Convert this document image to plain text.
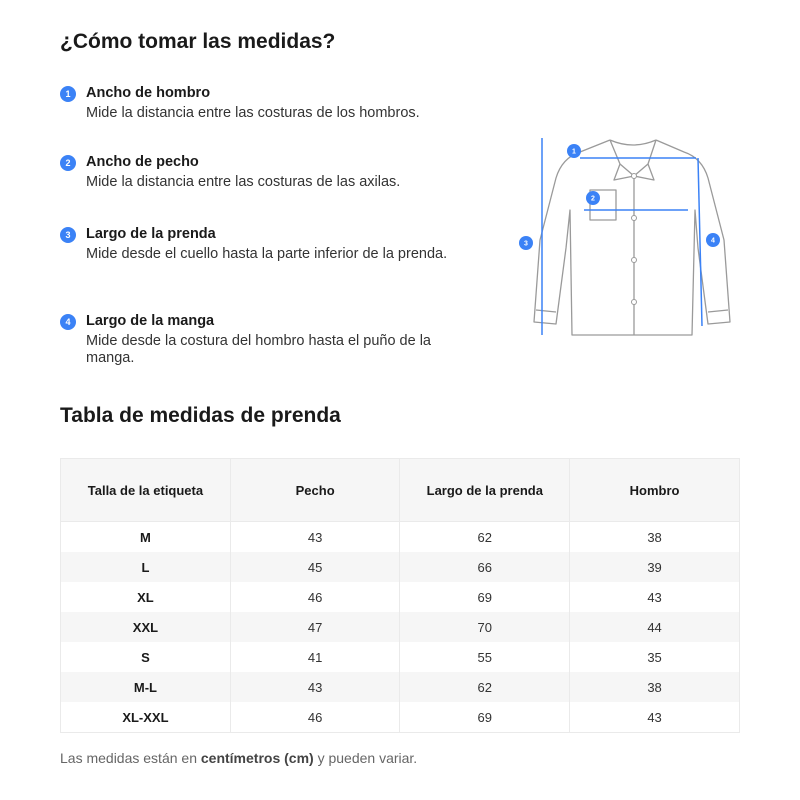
¿Cómo tomar las medidas?
1	Ancho de hombro
Mide la distancia entre las costuras de los hombros.
2	Ancho de pecho
Mide la distancia entre las costuras de las axilas.
3	Largo de la prenda
Mide desde el cuello hasta la parte inferior de la prenda.
4	Largo de la manga
Mide desde la costura del hombro hasta el puño de la manga.
1
2
3	4
Tabla de medidas de prenda
Talla de la etiqueta	Pecho	Largo de la prenda	Hombro
M	43	62	38
L	45	66	39
XL	46	69	43
XXL	47	70	44
S	41	55	35
M-L	43	62	38
XL-XXL	46	69	43
Las medidas están en centímetros (cm) y pueden variar.
